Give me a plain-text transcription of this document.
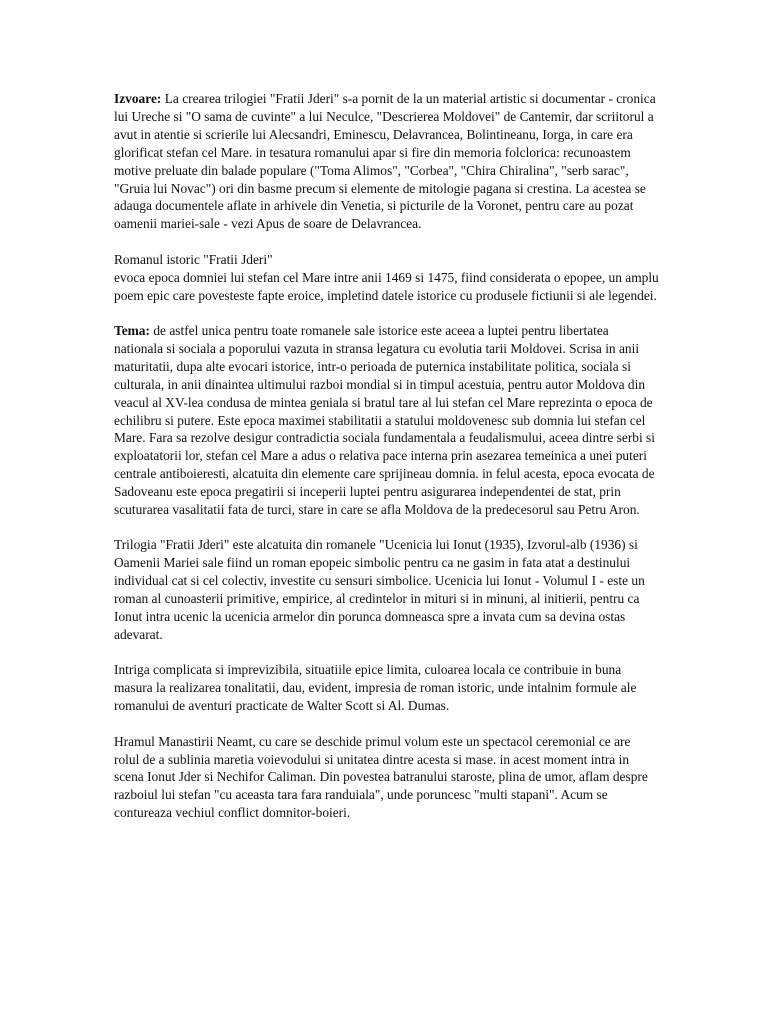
Izvoare: La crearea trilogiei "Fratii Jderi" s-a pornit de la un material artistic si documentar - cronica lui Ureche si "O sama de cuvinte" a lui Neculce, "Descrierea Moldovei" de Cantemir, dar scriitorul a avut in atentie si scrierile lui Alecsandri, Eminescu, Delavrancea, Bolintineanu, Iorga, in care era glorificat stefan cel Mare. in tesatura romanului apar si fire din memoria folclorica: recunoastem motive preluate din balade populare ("Toma Alimos", "Corbea", "Chira Chiralina", "serb sarac", "Gruia lui Novac") ori din basme precum si elemente de mitologie pagana si crestina. La acestea se adauga documentele aflate in arhivele din Venetia, si picturile de la Voronet, pentru care au pozat oamenii mariei-sale - vezi Apus de soare de Delavrancea.

Romanul istoric "Fratii Jderi"
evoca epoca domniei lui stefan cel Mare intre anii 1469 si 1475, fiind considerata o epopee, un amplu poem epic care povesteste fapte eroice, impletind datele istorice cu produsele fictiunii si ale legendei.

Tema: de astfel unica pentru toate romanele sale istorice este aceea a luptei pentru libertatea nationala si sociala a poporului vazuta in stransa legatura cu evolutia tarii Moldovei. Scrisa in anii maturitatii, dupa alte evocari istorice, intr-o perioada de puternica instabilitate politica, sociala si culturala, in anii dinaintea ultimului razboi mondial si in timpul acestuia, pentru autor Moldova din veacul al XV-lea condusa de mintea geniala si bratul tare al lui stefan cel Mare reprezinta o epoca de echilibru si putere. Este epoca maximei stabilitatii a statului moldovenesc sub domnia lui stefan cel Mare. Fara sa rezolve desigur contradictia sociala fundamentala a feudalismului, aceea dintre serbi si exploatatorii lor, stefan cel Mare a adus o relativa pace interna prin asezarea temeinica a unei puteri centrale antiboieresti, alcatuita din elemente care sprijineau domnia. in felul acesta, epoca evocata de Sadoveanu este epoca pregatirii si inceperii luptei pentru asigurarea independentei de stat, prin scuturarea vasalitatii fata de turci, stare in care se afla Moldova de la predecesorul sau Petru Aron.

Trilogia "Fratii Jderi" este alcatuita din romanele "Ucenicia lui Ionut (1935), Izvorul-alb (1936) si Oamenii Mariei sale fiind un roman epopeic simbolic pentru ca ne gasim in fata atat a destinului individual cat si cel colectiv, investite cu sensuri simbolice. Ucenicia lui Ionut - Volumul I - este un roman al cunoasterii primitive, empirice, al credintelor in mituri si in minuni, al initierii, pentru ca Ionut intra ucenic la ucenicia armelor din porunca domneasca spre a invata cum sa devina ostas adevarat.

Intriga complicata si imprevizibila, situatiile epice limita, culoarea locala ce contribuie in buna masura la realizarea tonalitatii, dau, evident, impresia de roman istoric, unde intalnim formule ale romanului de aventuri practicate de Walter Scott si Al. Dumas.

Hramul Manastirii Neamt, cu care se deschide primul volum este un spectacol ceremonial ce are rolul de a sublinia maretia voievodului si unitatea dintre acesta si mase. in acest moment intra in scena Ionut Jder si Nechifor Caliman. Din povestea batranului staroste, plina de umor, aflam despre razboiul lui stefan "cu aceasta tara fara randuiala", unde poruncesc "multi stapani". Acum se contureaza vechiul conflict domnitor-boieri.
